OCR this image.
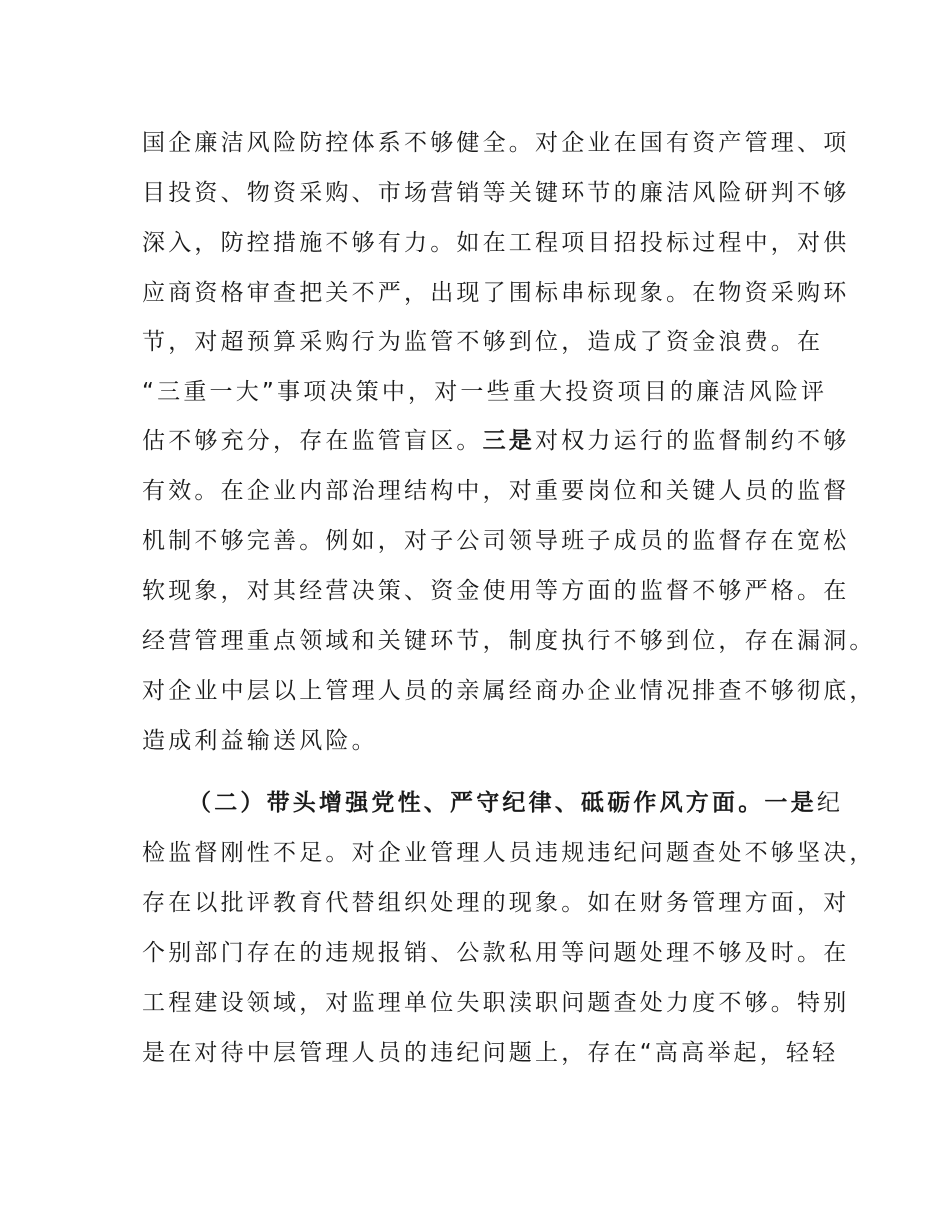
国企廉洁风险防控体系不够健全。对企业在国有资产管理、项
目投资、物资采购、市场营销等关键环节的廉洁风险研判不够
深入，防控措施不够有力。如在工程项目招投标过程中，对供
应商资格审查把关不严，出现了围标串标现象。在物资采购环
节，对超预算采购行为监管不够到位，造成了资金浪费。在
“三重一大”事项决策中，对一些重大投资项目的廉洁风险评
估不够充分，存在监管盲区。三是对权力运行的监督制约不够
有效。在企业内部治理结构中，对重要岗位和关键人员的监督
机制不够完善。例如，对子公司领导班子成员的监督存在宽松
软现象，对其经营决策、资金使用等方面的监督不够严格。在
经营管理重点领域和关键环节，制度执行不够到位，存在漏洞。
对企业中层以上管理人员的亲属经商办企业情况排查不够彻底，
造成利益输送风险。
（二）带头增强党性、严守纪律、砥砺作风方面。一是纪
检监督刚性不足。对企业管理人员违规违纪问题查处不够坚决，
存在以批评教育代替组织处理的现象。如在财务管理方面，对
个别部门存在的违规报销、公款私用等问题处理不够及时。在
工程建设领域，对监理单位失职渎职问题查处力度不够。特别
是在对待中层管理人员的违纪问题上，存在“高高举起，轻轻
